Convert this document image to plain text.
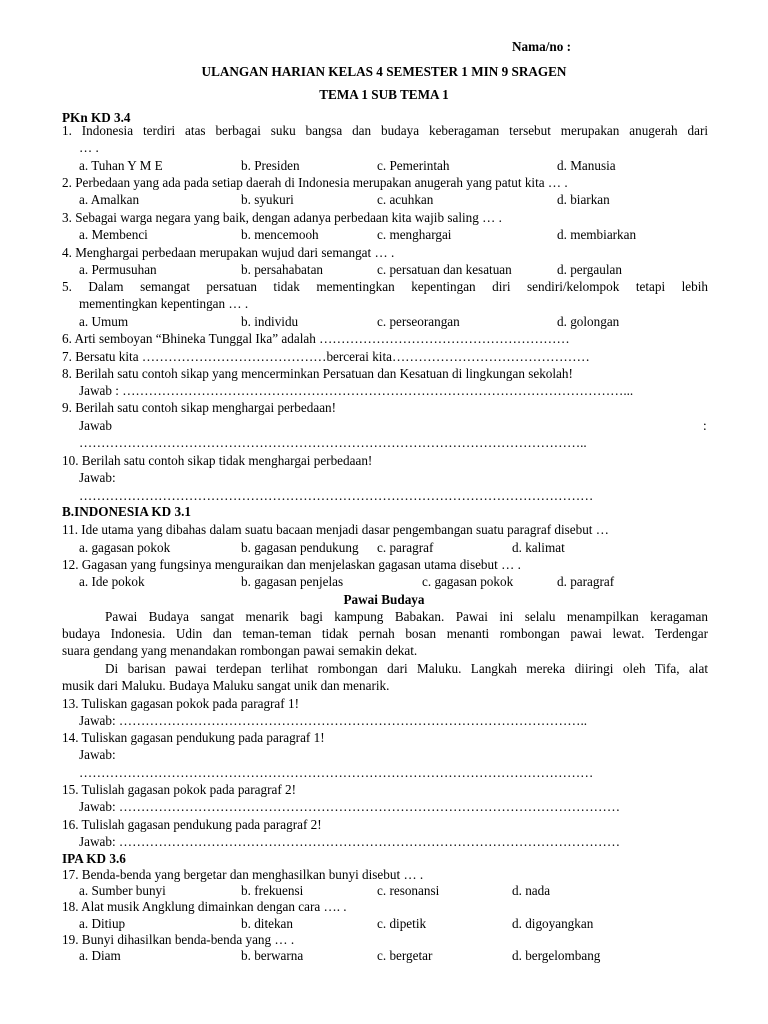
Nama/no :
ULANGAN HARIAN KELAS 4 SEMESTER 1 MIN 9 SRAGEN
TEMA 1 SUB TEMA 1
PKn KD 3.4
1. Indonesia terdiri atas berbagai suku bangsa dan budaya keberagaman tersebut merupakan anugerah dari
… .
a. Tuhan Y M E	b. Presiden	c. Pemerintah	d. Manusia
2. Perbedaan yang ada pada setiap daerah di Indonesia merupakan anugerah yang patut kita … .
a. Amalkan	b. syukuri	c. acuhkan	d. biarkan
3. Sebagai warga negara yang baik, dengan adanya perbedaan kita wajib saling … .
a. Membenci	b. mencemooh	c. menghargai	d. membiarkan
4. Menghargai perbedaan merupakan wujud dari semangat … .
a. Permusuhan	b. persahabatan	c. persatuan dan kesatuan	d. pergaulan
5. Dalam semangat persatuan tidak mementingkan kepentingan diri sendiri/kelompok tetapi lebih
mementingkan kepentingan … .
a. Umum	b. individu	c. perseorangan	d. golongan
6. Arti semboyan “Bhineka Tunggal Ika” adalah …………………………………………………
7. Bersatu kita ……………………………………bercerai kita………………………………………
8. Berilah satu contoh sikap yang mencerminkan Persatuan dan Kesatuan di lingkungan sekolah!
Jawab : ……………………………………………………………………………………………………...
9. Berilah satu contoh sikap menghargai perbedaan!
Jawab	:
……………………………………………………………………………………………………..
10. Berilah satu contoh sikap tidak menghargai perbedaan!
Jawab:
………………………………………………………………………………………………………
B.INDONESIA KD 3.1
11. Ide utama yang dibahas dalam suatu bacaan menjadi dasar pengembangan suatu paragraf disebut …
a. gagasan pokok	b. gagasan pendukung c. paragraf	d. kalimat
12. Gagasan yang fungsinya menguraikan dan menjelaskan gagasan utama disebut … .
a. Ide pokok	b. gagasan penjelas	c. gagasan pokok	d. paragraf
Pawai Budaya
Pawai Budaya sangat menarik bagi kampung Babakan. Pawai ini selalu menampilkan keragaman
budaya Indonesia. Udin dan teman-teman tidak pernah bosan menanti rombongan pawai lewat. Terdengar
suara gendang yang menandakan rombongan pawai semakin dekat.
Di barisan pawai terdepan terlihat rombongan dari Maluku. Langkah mereka diiringi oleh Tifa, alat
musik dari Maluku. Budaya Maluku sangat unik dan menarik.
13. Tuliskan gagasan pokok pada paragraf 1!
Jawab: ……………………………………………………………………………………………..
14. Tuliskan gagasan pendukung pada paragraf 1!
Jawab:
………………………………………………………………………………………………………
15. Tulislah gagasan pokok pada paragraf 2!
Jawab: ……………………………………………………………………………………………………
16. Tulislah gagasan pendukung pada paragraf 2!
Jawab: ……………………………………………………………………………………………………
IPA KD 3.6
17. Benda-benda yang bergetar dan menghasilkan bunyi disebut … .
a. Sumber bunyi	b. frekuensi	c. resonansi	d. nada
18. Alat musik Angklung dimainkan dengan cara …. .
a. Ditiup	b. ditekan	c. dipetik	d. digoyangkan
19. Bunyi dihasilkan benda-benda yang … .
a. Diam	b. berwarna	c. bergetar	d. bergelombang
